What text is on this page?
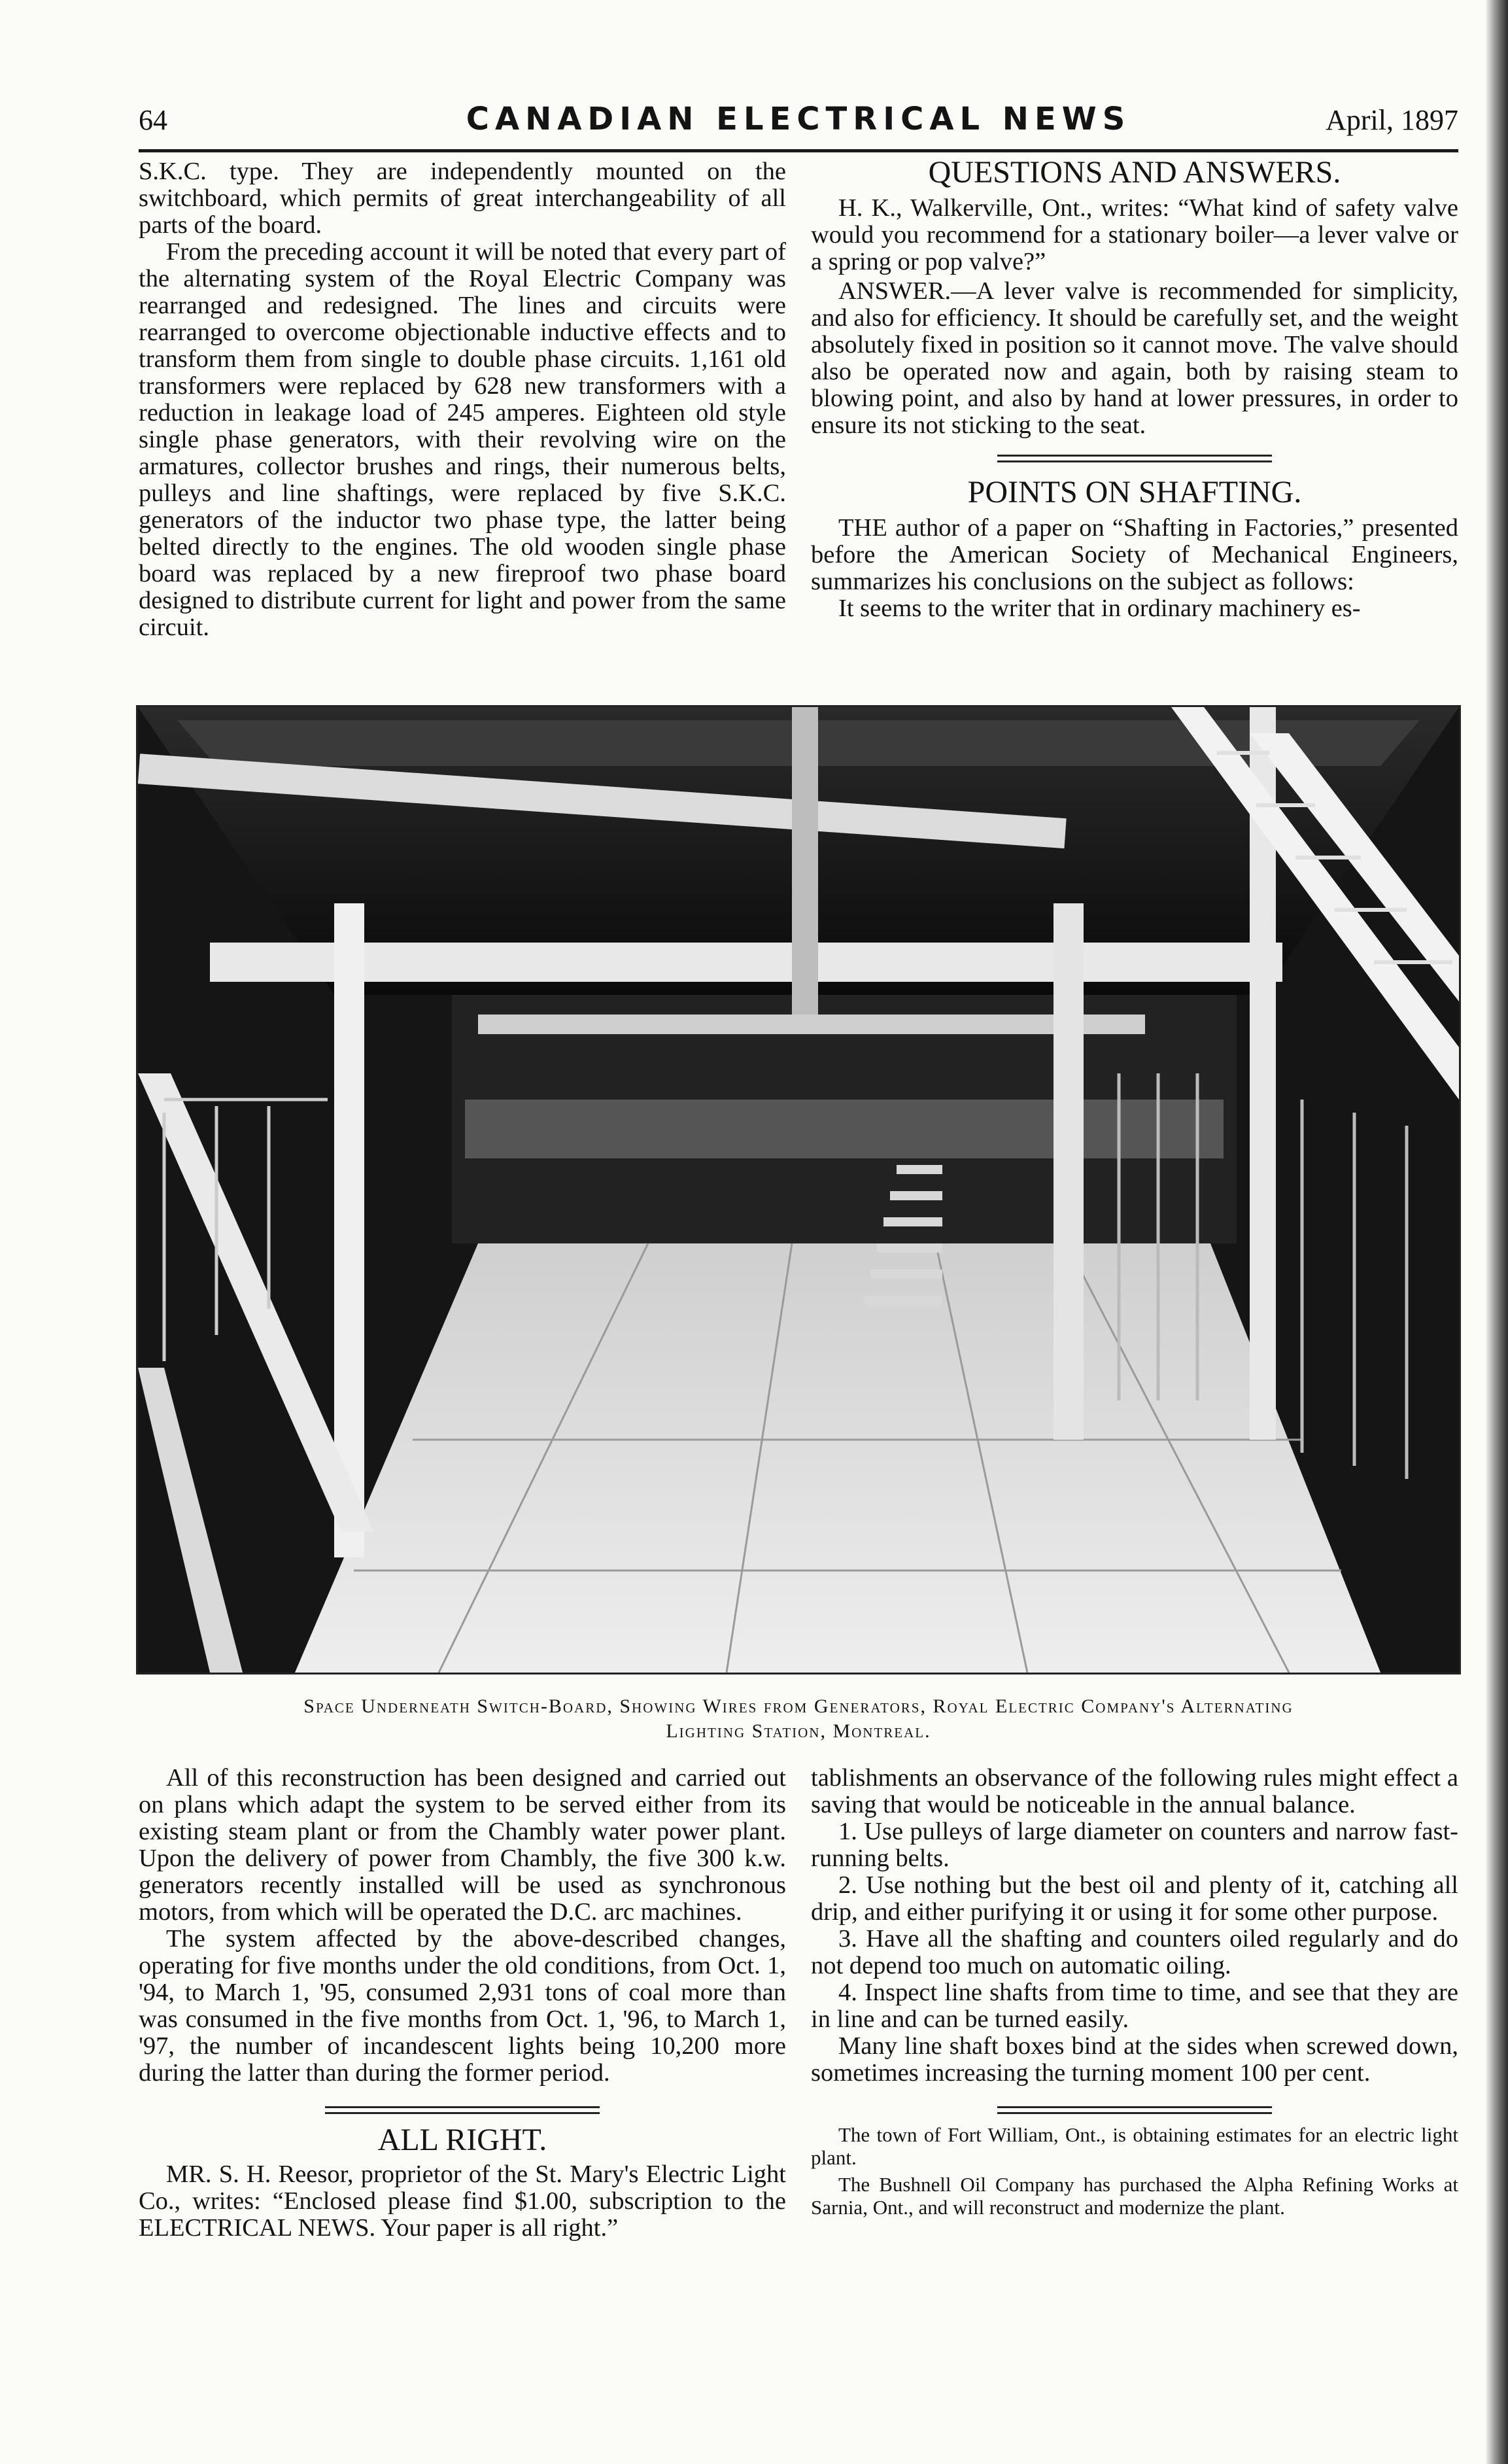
64	CANADIAN ELECTRICAL NEWS	April, 1897

S.K.C. type. They are independently mounted on the switchboard, which permits of great interchangeability of all parts of the board.

From the preceding account it will be noted that every part of the alternating system of the Royal Electric Company was rearranged and redesigned. The lines and circuits were rearranged to overcome objectionable inductive effects and to transform them from single to double phase circuits. 1,161 old transformers were replaced by 628 new transformers with a reduction in leakage load of 245 amperes. Eighteen old style single phase generators, with their revolving wire on the armatures, collector brushes and rings, their numerous belts, pulleys and line shaftings, were replaced by five S.K.C. generators of the inductor two phase type, the latter being belted directly to the engines. The old wooden single phase board was replaced by a new fireproof two phase board designed to distribute current for light and power from the same circuit.

QUESTIONS AND ANSWERS.

H. K., Walkerville, Ont., writes: “What kind of safety valve would you recommend for a stationary boiler—a lever valve or a spring or pop valve?”

ANSWER.—A lever valve is recommended for simplicity, and also for efficiency. It should be carefully set, and the weight absolutely fixed in position so it cannot move. The valve should also be operated now and again, both by raising steam to blowing point, and also by hand at lower pressures, in order to ensure its not sticking to the seat.

POINTS ON SHAFTING.

THE author of a paper on “Shafting in Factories,” presented before the American Society of Mechanical Engineers, summarizes his conclusions on the subject as follows:

It seems to the writer that in ordinary machinery es-

Space Underneath Switch-Board, Showing Wires from Generators, Royal Electric Company's Alternating
Lighting Station, Montreal.

All of this reconstruction has been designed and carried out on plans which adapt the system to be served either from its existing steam plant or from the Chambly water power plant. Upon the delivery of power from Chambly, the five 300 k.w. generators recently installed will be used as synchronous motors, from which will be operated the D.C. arc machines.

The system affected by the above-described changes, operating for five months under the old conditions, from Oct. 1, '94, to March 1, '95, consumed 2,931 tons of coal more than was consumed in the five months from Oct. 1, '96, to March 1, '97, the number of incandescent lights being 10,200 more during the latter than during the former period.

ALL RIGHT.

MR. S. H. Reesor, proprietor of the St. Mary's Electric Light Co., writes: “Enclosed please find $1.00, subscription to the ELECTRICAL NEWS. Your paper is all right.”

tablishments an observance of the following rules might effect a saving that would be noticeable in the annual balance.

1. Use pulleys of large diameter on counters and narrow fast-running belts.

2. Use nothing but the best oil and plenty of it, catching all drip, and either purifying it or using it for some other purpose.

3. Have all the shafting and counters oiled regularly and do not depend too much on automatic oiling.

4. Inspect line shafts from time to time, and see that they are in line and can be turned easily.

Many line shaft boxes bind at the sides when screwed down, sometimes increasing the turning moment 100 per cent.

The town of Fort William, Ont., is obtaining estimates for an electric light plant.

The Bushnell Oil Company has purchased the Alpha Refining Works at Sarnia, Ont., and will reconstruct and modernize the plant.
